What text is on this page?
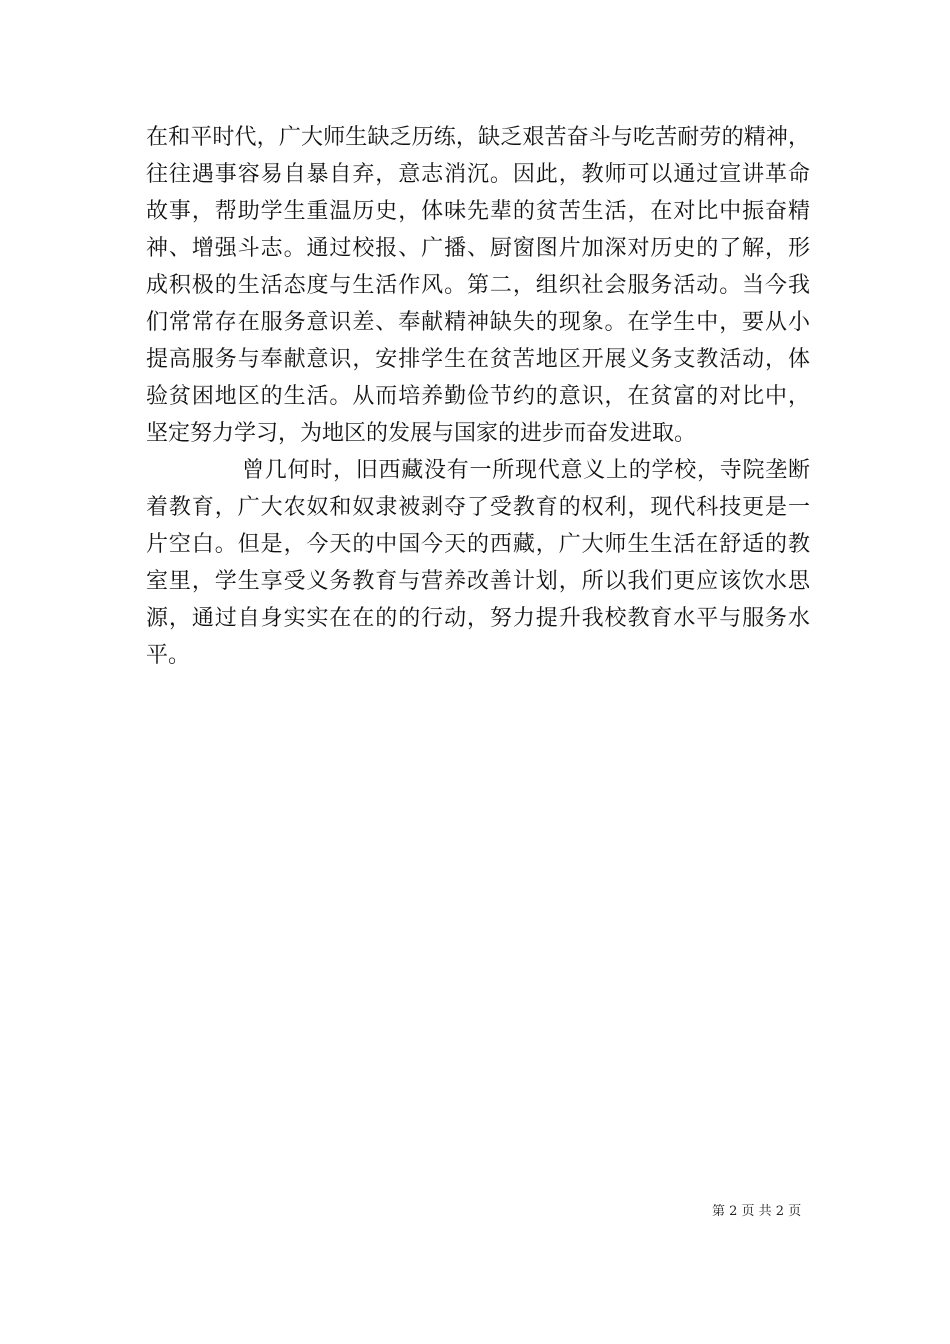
在和平时代，广大师生缺乏历练，缺乏艰苦奋斗与吃苦耐劳的精神，
往往遇事容易自暴自弃，意志消沉。因此，教师可以通过宣讲革命
故事，帮助学生重温历史，体味先辈的贫苦生活，在对比中振奋精
神、增强斗志。通过校报、广播、厨窗图片加深对历史的了解，形
成积极的生活态度与生活作风。第二，组织社会服务活动。当今我
们常常存在服务意识差、奉献精神缺失的现象。在学生中，要从小
提高服务与奉献意识，安排学生在贫苦地区开展义务支教活动，体
验贫困地区的生活。从而培养勤俭节约的意识，在贫富的对比中，
坚定努力学习，为地区的发展与国家的进步而奋发进取。
曾几何时，旧西藏没有一所现代意义上的学校，寺院垄断
着教育，广大农奴和奴隶被剥夺了受教育的权利，现代科技更是一
片空白。但是，今天的中国今天的西藏，广大师生生活在舒适的教
室里，学生享受义务教育与营养改善计划，所以我们更应该饮水思
源，通过自身实实在在的的行动，努力提升我校教育水平与服务水
平。
第 2 页 共 2 页
